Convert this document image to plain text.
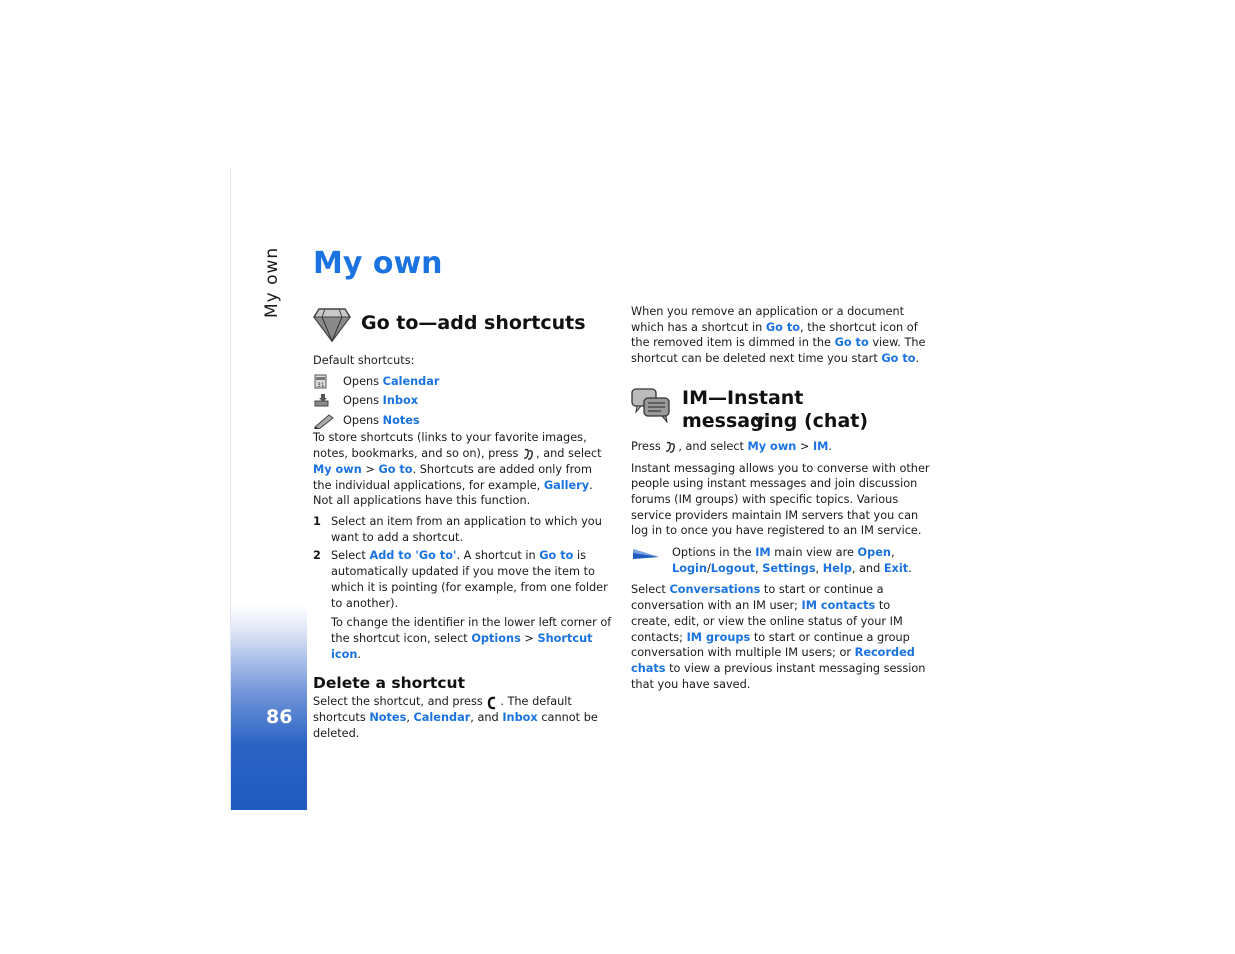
My own
86
My own
Go to—add shortcuts

Default shortcuts:

31 Opens
Calendar
Opens
Inbox
Opens
Notes

To store shortcuts (links to your favorite images, notes, bookmarks, and so on), press , and select My own > Go to. Shortcuts are added only from the individual applications, for example, Gallery. Not all applications have this function.

1 Select an item from an application to which you want to add a shortcut.
2 Select Add to 'Go to'. A shortcut in Go to is automatically updated if you move the item to which it is pointing (for example, from one folder to another).
To change the identifier in the lower left corner of the shortcut icon, select Options > Shortcut icon.
Delete a shortcut

Select the shortcut, and press . The default shortcuts Notes, Calendar, and Inbox cannot be deleted.

When you remove an application or a document which has a shortcut in Go to, the shortcut icon of the removed item is dimmed in the Go to view. The shortcut can be deleted next time you start Go to.

IM—Instant messaging (chat)

Press , and select My own > IM.

Instant messaging allows you to converse with other people using instant messages and join discussion forums (IM groups) with specific topics. Various service providers maintain IM servers that you can log in to once you have registered to an IM service.

Options in the IM main view are Open, Login/Logout, Settings, Help, and Exit.

Select Conversations to start or continue a conversation with an IM user; IM contacts to create, edit, or view the online status of your IM contacts; IM groups to start or continue a group conversation with multiple IM users; or Recorded chats to view a previous instant messaging session that you have saved.
